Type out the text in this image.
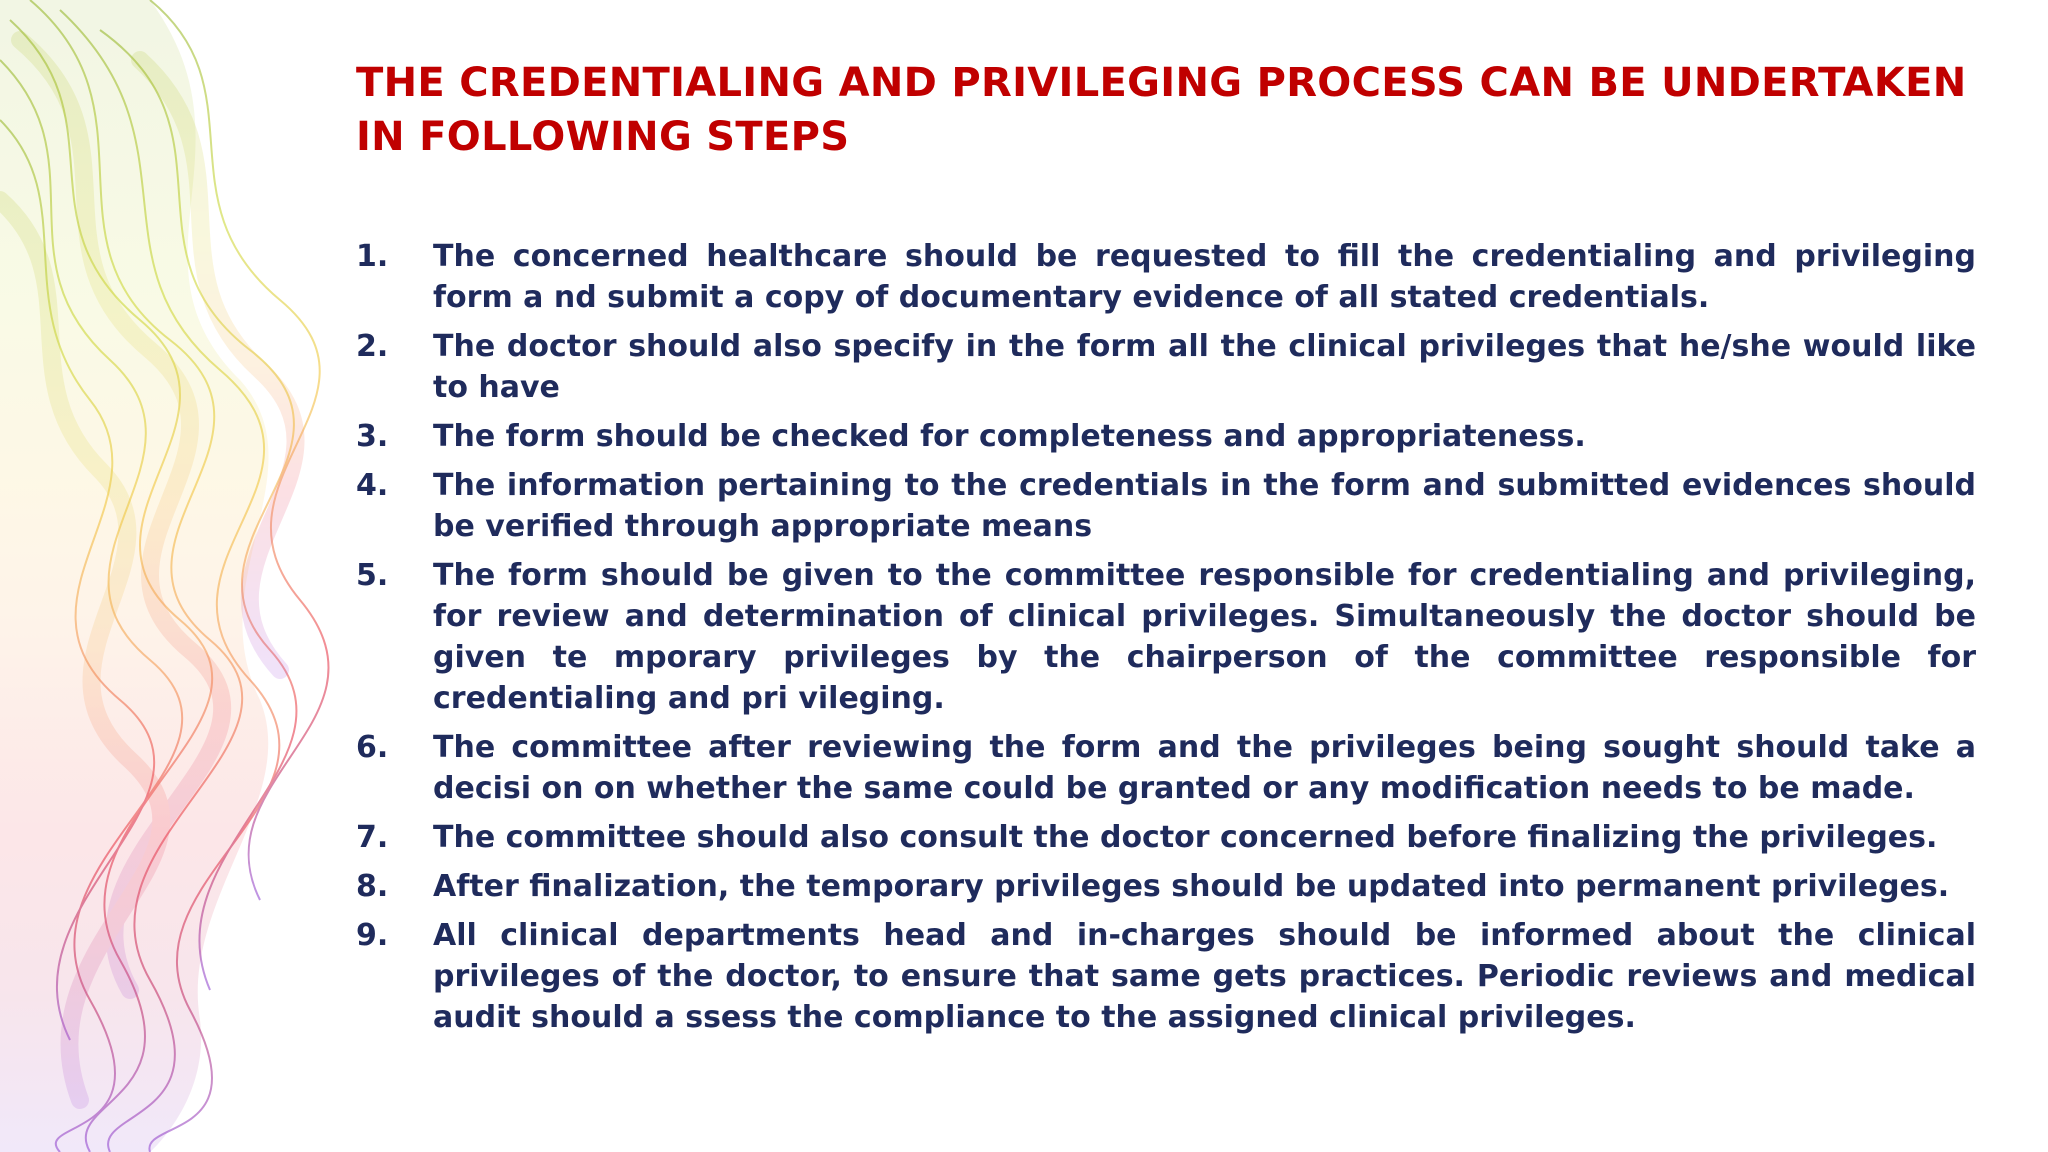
THE CREDENTIALING AND PRIVILEGING PROCESS CAN BE UNDERTAKEN IN FOLLOWING STEPS
1.	The concerned healthcare should be requested to fill the credentialing and privileging form a nd submit a copy of documentary evidence of all stated credentials.
2.	The doctor should also specify in the form all the clinical privileges that he/she would like to have
3.	The form should be checked for completeness and appropriateness.
4.	The information pertaining to the credentials in the form and submitted evidences should be verified through appropriate means
5.	The form should be given to the committee responsible for credentialing and privileging, for review and determination of clinical privileges. Simultaneously the doctor should be given te mporary privileges by the chairperson of the committee responsible for credentialing and pri vileging.
6.	The committee after reviewing the form and the privileges being sought should take a decisi on on whether the same could be granted or any modification needs to be made.
7.	The committee should also consult the doctor concerned before finalizing the privileges.
8.	After finalization, the temporary privileges should be updated into permanent privileges.
9.	All clinical departments head and in-charges should be informed about the clinical privileges of the doctor, to ensure that same gets practices. Periodic reviews and medical audit should a ssess the compliance to the assigned clinical privileges.
